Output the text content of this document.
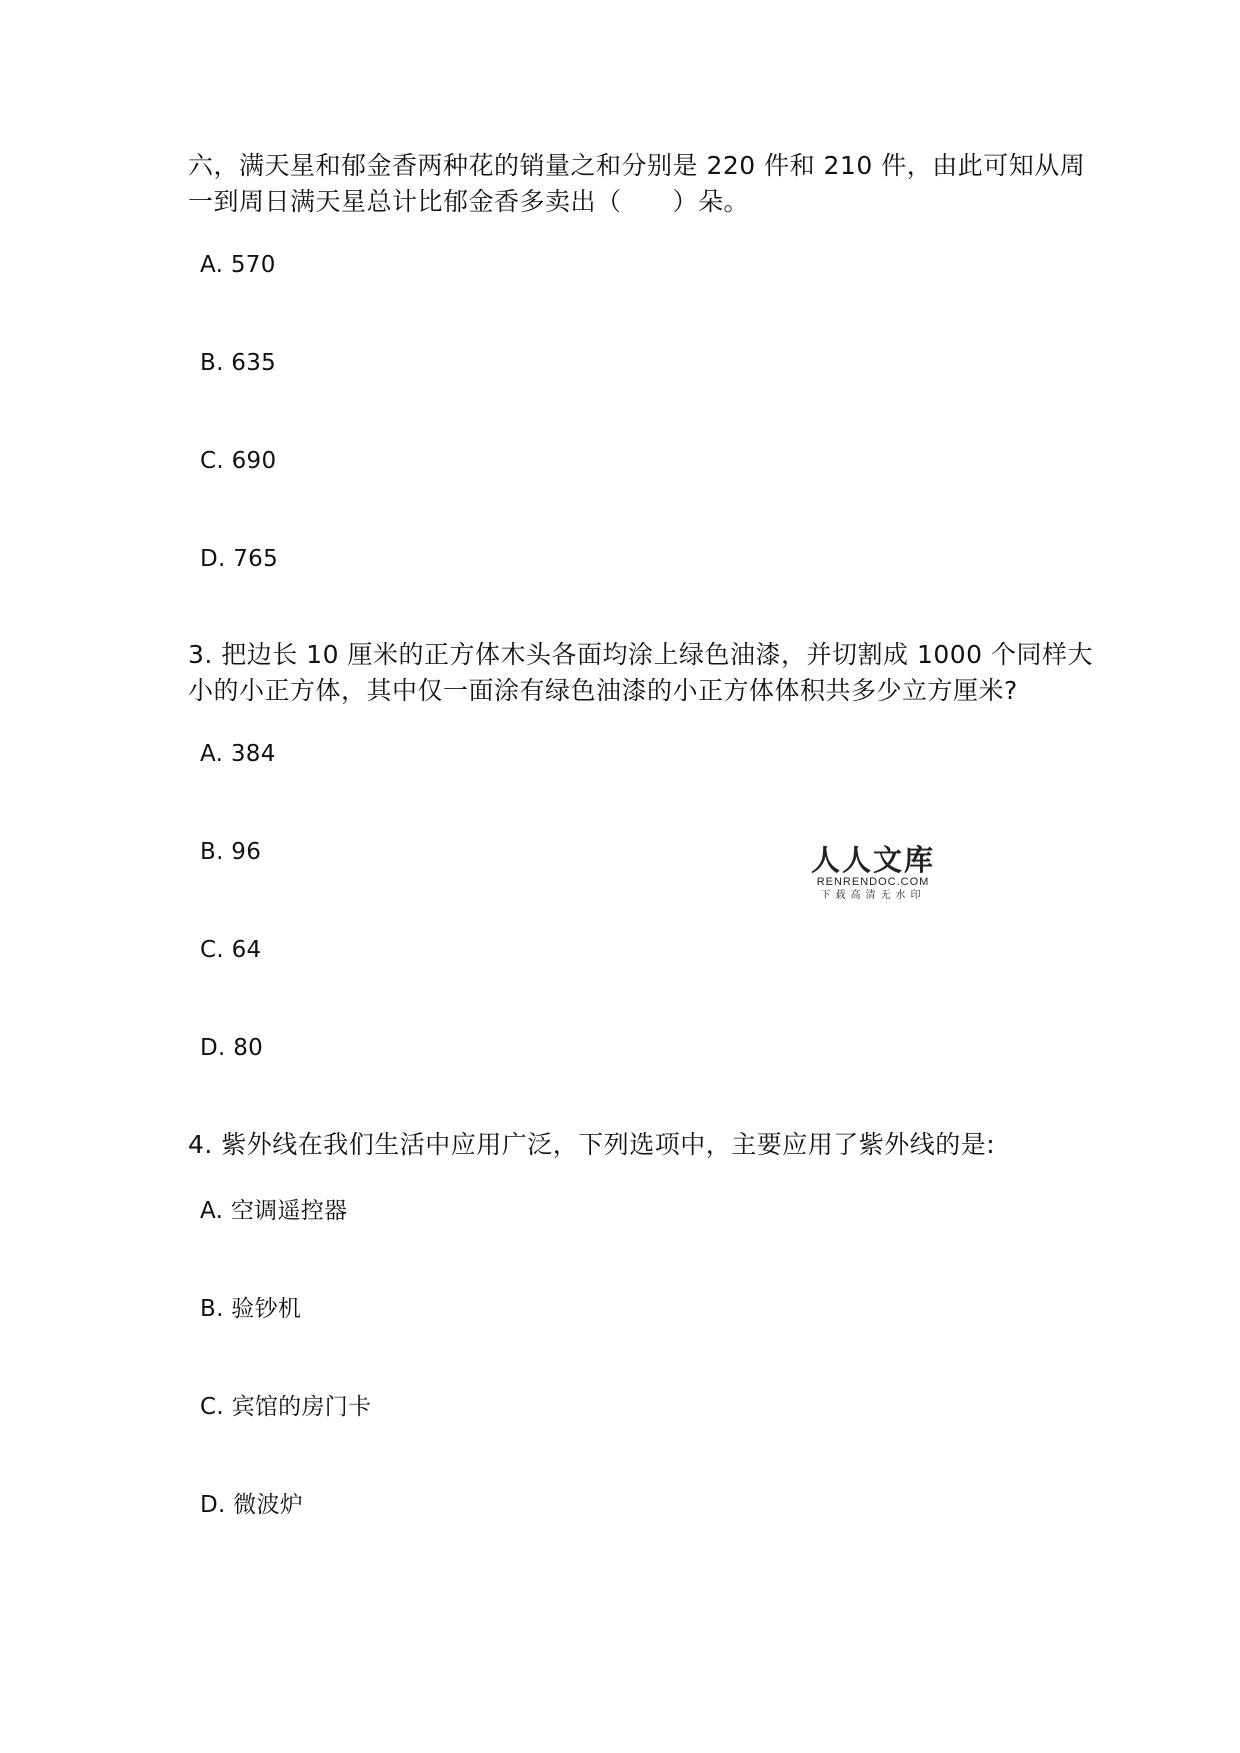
六，满天星和郁金香两种花的销量之和分别是 220 件和 210 件，由此可知从周
一到周日满天星总计比郁金香多卖出（　　）朵。
A. 570
B. 635
C. 690
D. 765
3. 把边长 10 厘米的正方体木头各面均涂上绿色油漆，并切割成 1000 个同样大
小的小正方体，其中仅一面涂有绿色油漆的小正方体体积共多少立方厘米?
A. 384
B. 96
C. 64
D. 80
4. 紫外线在我们生活中应用广泛，下列选项中，主要应用了紫外线的是:
A. 空调遥控器
B. 验钞机
C. 宾馆的房门卡
D. 微波炉
人人文库
RENRENDOC.COM
下载高清无水印
